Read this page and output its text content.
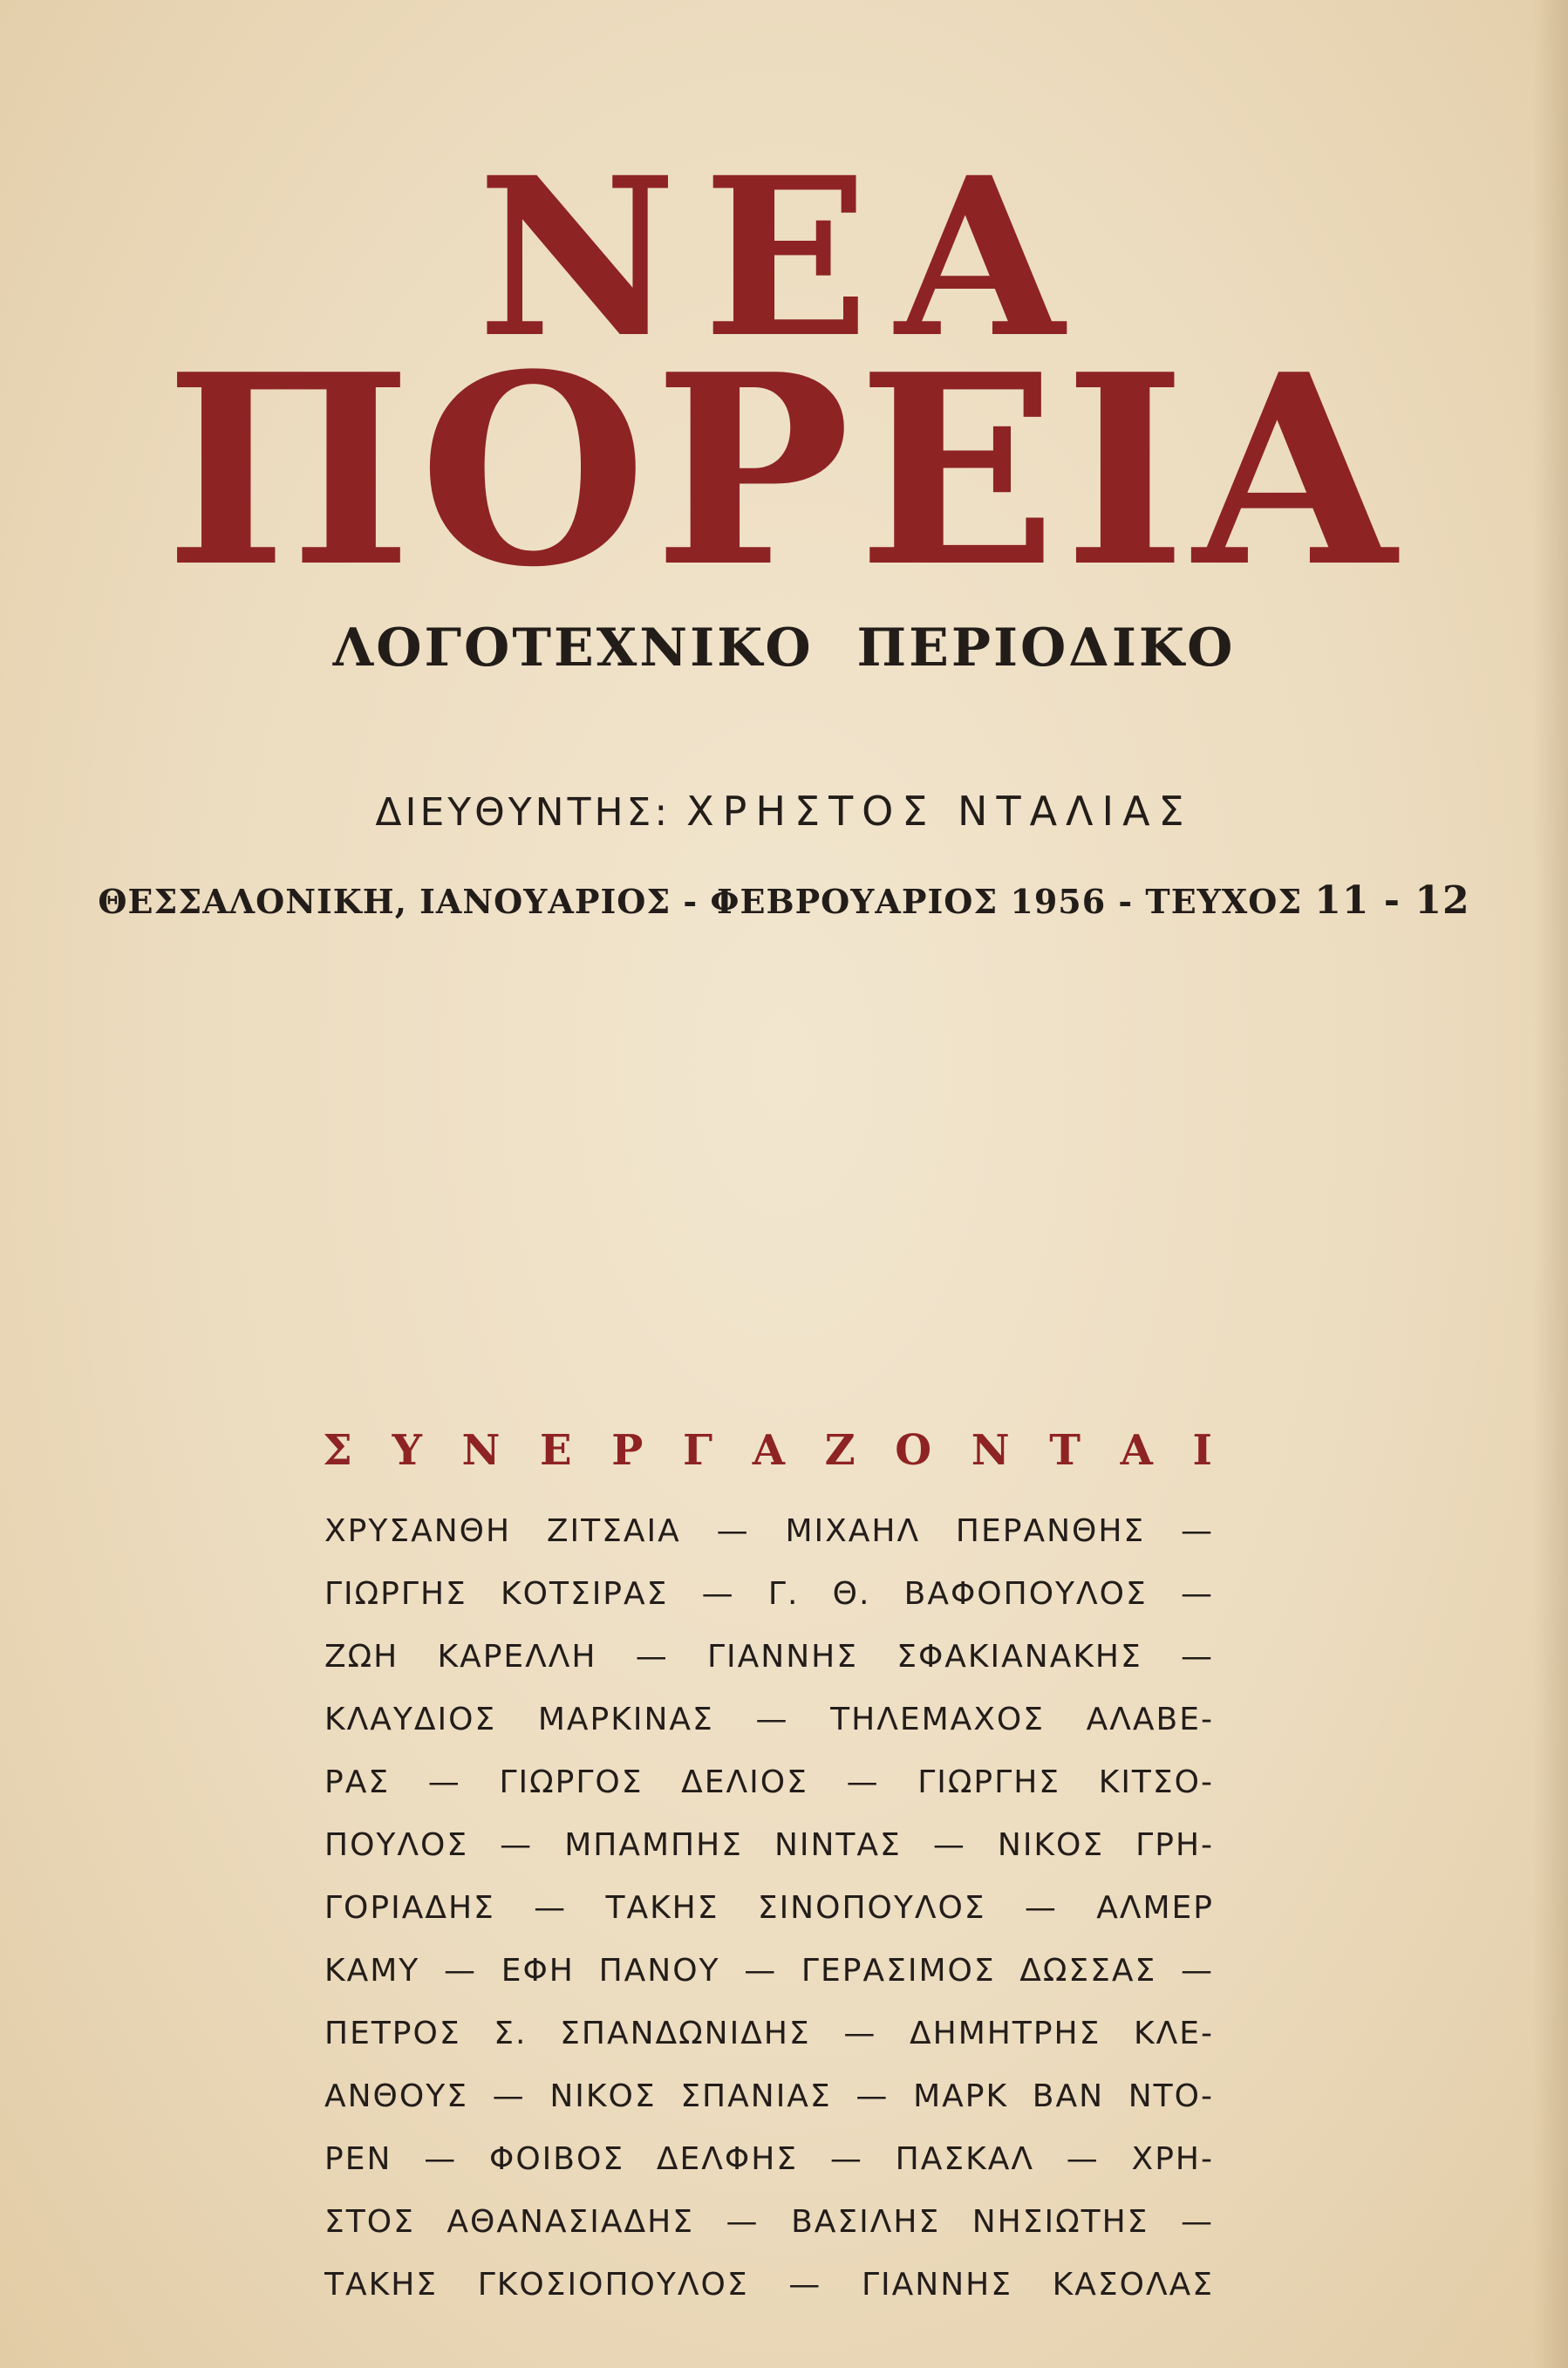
ΝΕΑ
ΠΟΡΕΙΑ
ΛΟΓΟΤΕΧΝΙΚΟ ΠΕΡΙΟΔΙΚΟ
ΔΙΕΥΘΥΝΤΗΣ: ΧΡΗΣΤΟΣ ΝΤΑΛΙΑΣ
ΘΕΣΣΑΛΟΝΙΚΗ, ΙΑΝΟΥΑΡΙΟΣ - ΦΕΒΡΟΥΑΡΙΟΣ 1956 - ΤΕΥΧΟΣ 11 - 12
Σ Υ Ν Ε Ρ Γ Α Ζ Ο Ν Τ Α Ι
ΧΡΥΣΑΝΘΗ ΖΙΤΣΑΙΑ — ΜΙΧΑΗΛ ΠΕΡΑΝΘΗΣ —
ΓΙΩΡΓΗΣ ΚΟΤΣΙΡΑΣ — Γ. Θ. ΒΑΦΟΠΟΥΛΟΣ —
ΖΩΗ ΚΑΡΕΛΛΗ — ΓΙΑΝΝΗΣ ΣΦΑΚΙΑΝΑΚΗΣ —
ΚΛΑΥΔΙΟΣ ΜΑΡΚΙΝΑΣ — ΤΗΛΕΜΑΧΟΣ ΑΛΑΒΕ-
ΡΑΣ — ΓΙΩΡΓΟΣ ΔΕΛΙΟΣ — ΓΙΩΡΓΗΣ ΚΙΤΣΟ-
ΠΟΥΛΟΣ — ΜΠΑΜΠΗΣ ΝΙΝΤΑΣ — ΝΙΚΟΣ ΓΡΗ-
ΓΟΡΙΑΔΗΣ — ΤΑΚΗΣ ΣΙΝΟΠΟΥΛΟΣ — ΑΛΜΕΡ
ΚΑΜΥ — ΕΦΗ ΠΑΝΟΥ — ΓΕΡΑΣΙΜΟΣ ΔΩΣΣΑΣ —
ΠΕΤΡΟΣ Σ. ΣΠΑΝΔΩΝΙΔΗΣ — ΔΗΜΗΤΡΗΣ ΚΛΕ-
ΑΝΘΟΥΣ — ΝΙΚΟΣ ΣΠΑΝΙΑΣ — ΜΑΡΚ ΒΑΝ ΝΤΟ-
ΡΕΝ — ΦΟΙΒΟΣ ΔΕΛΦΗΣ — ΠΑΣΚΑΛ — ΧΡΗ-
ΣΤΟΣ ΑΘΑΝΑΣΙΑΔΗΣ — ΒΑΣΙΛΗΣ ΝΗΣΙΩΤΗΣ —
ΤΑΚΗΣ ΓΚΟΣΙΟΠΟΥΛΟΣ — ΓΙΑΝΝΗΣ ΚΑΣΟΛΑΣ
